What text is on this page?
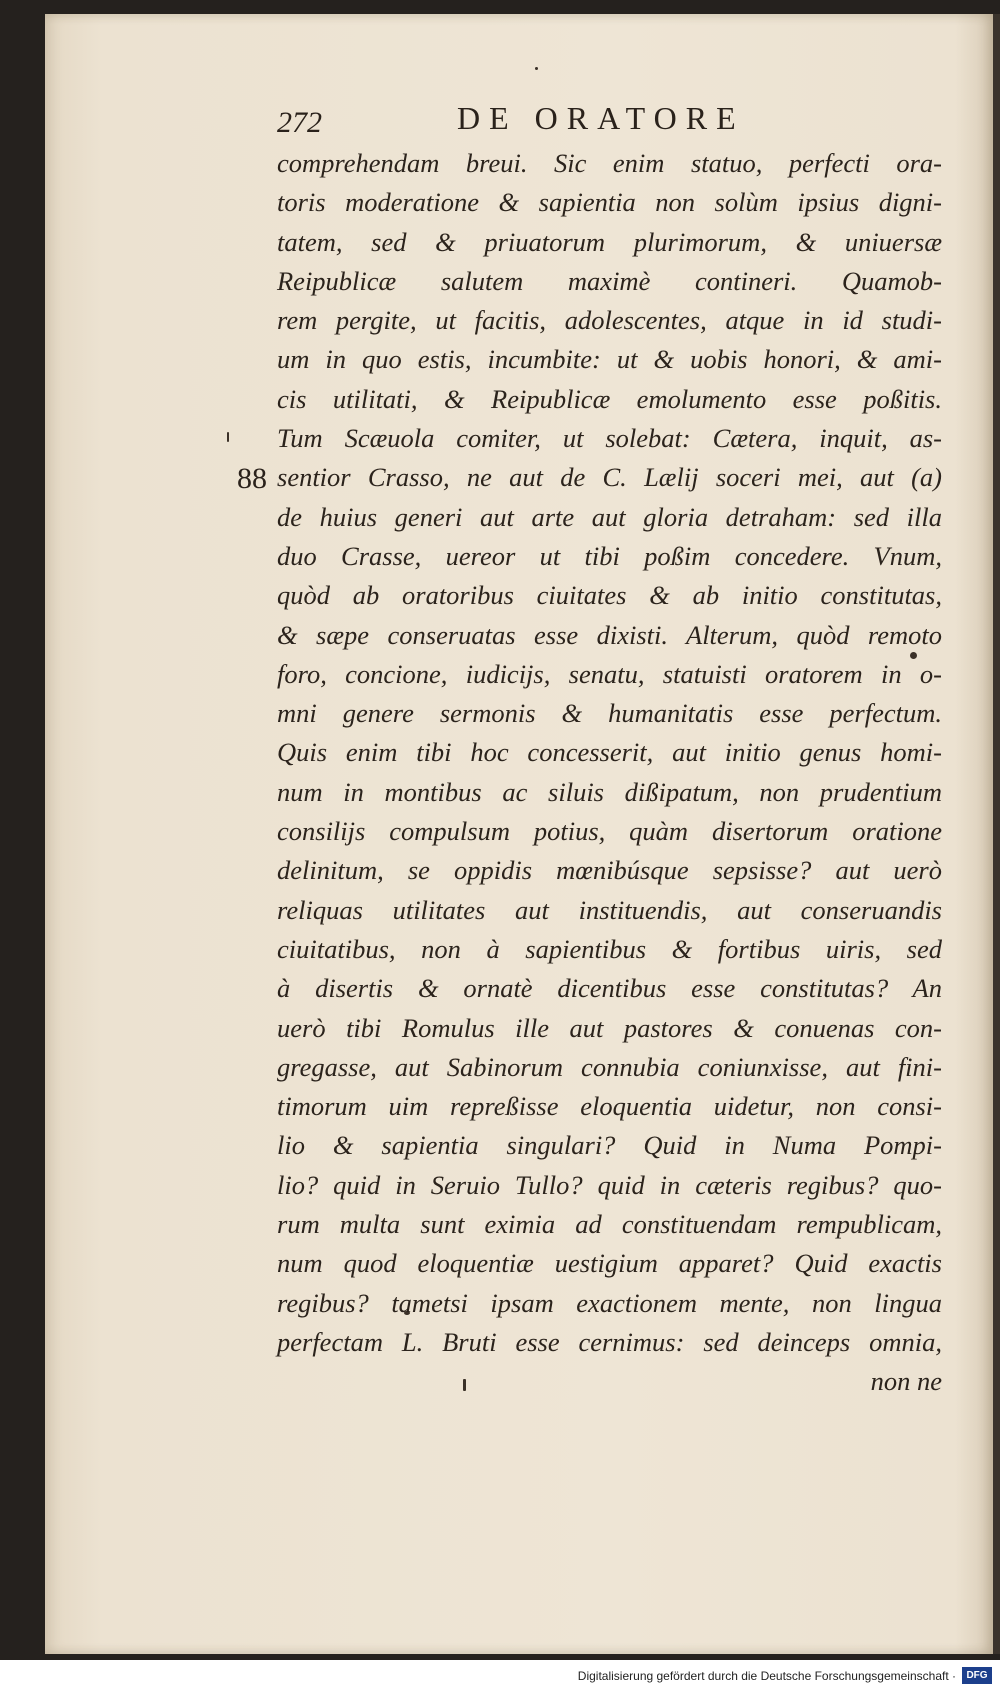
272	DE ORATORE
88
comprehendam breui. Sic enim statuo, perfecti ora-
toris moderatione & sapientia non solùm ipsius digni-
tatem, sed & priuatorum plurimorum, & uniuersæ
Reipublicæ salutem maximè contineri. Quamob-
rem pergite, ut facitis, adolescentes, atque in id studi-
um in quo estis, incumbite: ut & uobis honori, & ami-
cis utilitati, & Reipublicæ emolumento esse poßitis.
Tum Scæuola comiter, ut solebat: Cætera, inquit, as-
sentior Crasso, ne aut de C. Lælij soceri mei, aut (a)
de huius generi aut arte aut gloria detraham: sed illa
duo Crasse, uereor ut tibi poßim concedere. Vnum,
quòd ab oratoribus ciuitates & ab initio constitutas,
& sæpe conseruatas esse dixisti. Alterum, quòd remoto
foro, concione, iudicijs, senatu, statuisti oratorem in o-
mni genere sermonis & humanitatis esse perfectum.
Quis enim tibi hoc concesserit, aut initio genus homi-
num in montibus ac siluis dißipatum, non prudentium
consilijs compulsum potius, quàm disertorum oratione
delinitum, se oppidis mœnibúsque sepsisse? aut uerò
reliquas utilitates aut instituendis, aut conseruandis
ciuitatibus, non à sapientibus & fortibus uiris, sed
à disertis & ornatè dicentibus esse constitutas? An
uerò tibi Romulus ille aut pastores & conuenas con-
gregasse, aut Sabinorum connubia coniunxisse, aut fini-
timorum uim repreßisse eloquentia uidetur, non consi-
lio & sapientia singulari? Quid in Numa Pompi-
lio? quid in Seruio Tullo? quid in cæteris regibus? quo-
rum multa sunt eximia ad constituendam rempublicam,
num quod eloquentiæ uestigium apparet? Quid exactis
regibus? tametsi ipsam exactionem mente, non lingua
perfectam L. Bruti esse cernimus: sed deinceps omnia,
non ne
Digitalisierung gefördert durch die Deutsche Forschungsgemeinschaft ·	DFG
